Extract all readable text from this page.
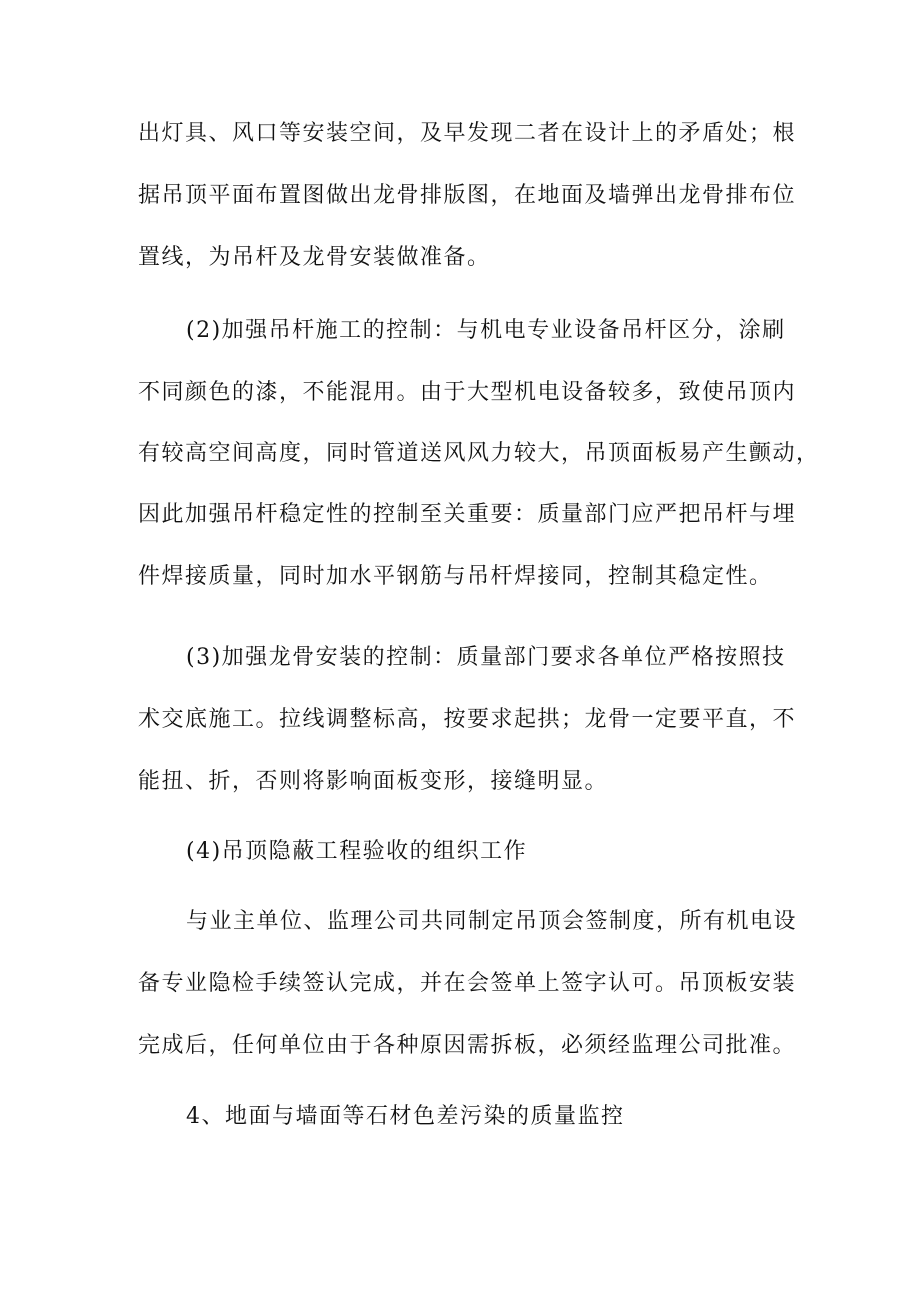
出灯具、风口等安装空间，及早发现二者在设计上的矛盾处；根
据吊顶平面布置图做出龙骨排版图，在地面及墙弹出龙骨排布位
置线，为吊杆及龙骨安装做准备。
(2)加强吊杆施工的控制：与机电专业设备吊杆区分，涂刷
不同颜色的漆，不能混用。由于大型机电设备较多，致使吊顶内
有较高空间高度，同时管道送风风力较大，吊顶面板易产生颤动，
因此加强吊杆稳定性的控制至关重要：质量部门应严把吊杆与埋
件焊接质量，同时加水平钢筋与吊杆焊接同，控制其稳定性。
(3)加强龙骨安装的控制：质量部门要求各单位严格按照技
术交底施工。拉线调整标高，按要求起拱；龙骨一定要平直，不
能扭、折，否则将影响面板变形，接缝明显。
(4)吊顶隐蔽工程验收的组织工作
与业主单位、监理公司共同制定吊顶会签制度，所有机电设
备专业隐检手续签认完成，并在会签单上签字认可。吊顶板安装
完成后，任何单位由于各种原因需拆板，必须经监理公司批准。
4、地面与墙面等石材色差污染的质量监控
